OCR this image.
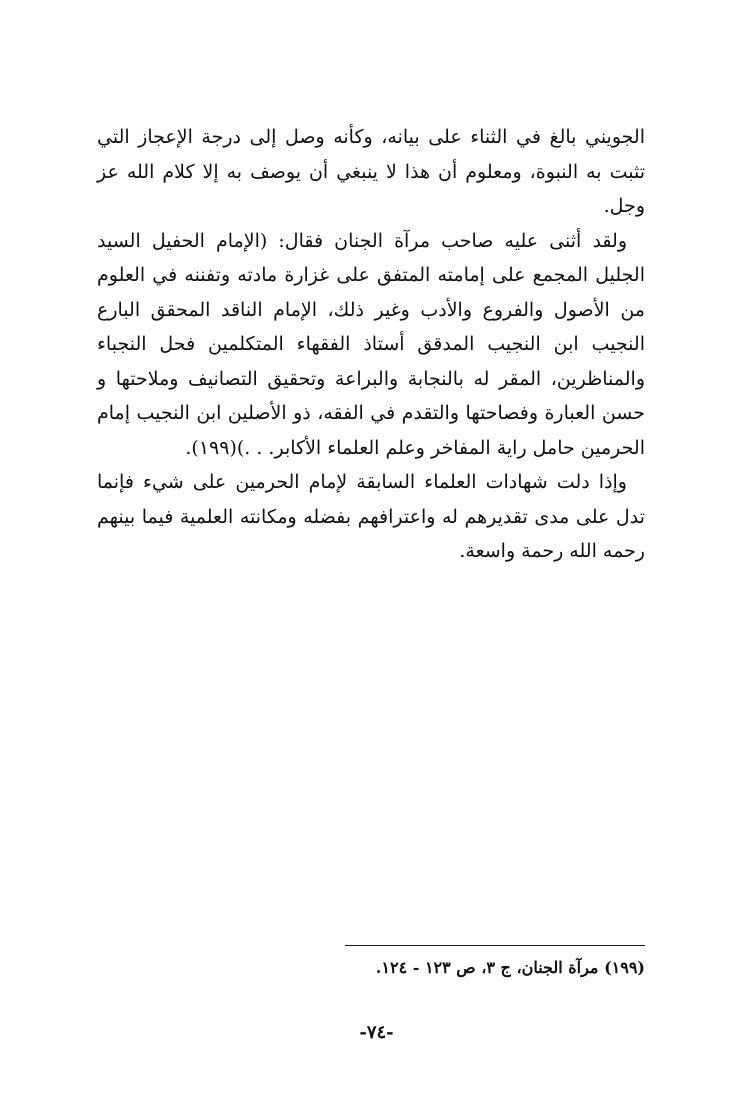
الجويني بالغ في الثناء على بيانه، وكأنه وصل إلى درجة الإعجاز التي تثبت به النبوة، ومعلوم أن هذا لا ينبغي أن يوصف به إلا كلام الله عز وجل.

ولقد أثنى عليه صاحب مرآة الجنان فقال: (الإمام الحفيل السيد الجليل المجمع على إمامته المتفق على غزارة مادته وتفننه في العلوم من الأصول والفروع والأدب وغير ذلك، الإمام الناقد المحقق البارع النجيب ابن النجيب المدقق أستاذ الفقهاء المتكلمين فحل النجباء والمناظرين، المقر له بالنجابة والبراعة وتحقيق التصانيف وملاحتها و حسن العبارة وفصاحتها والتقدم في الفقه، ذو الأصلين ابن النجيب إمام الحرمين حامل راية المفاخر وعلم العلماء الأكابر. . .)(١٩٩).

وإذا دلت شهادات العلماء السابقة لإمام الحرمين على شيء فإنما تدل على مدى تقديرهم له واعترافهم بفضله ومكانته العلمية فيما بينهم رحمه الله رحمة واسعة.

(١٩٩) مرآة الجنان، ج ٣، ص ١٢٣ - ١٢٤.

-٧٤-
